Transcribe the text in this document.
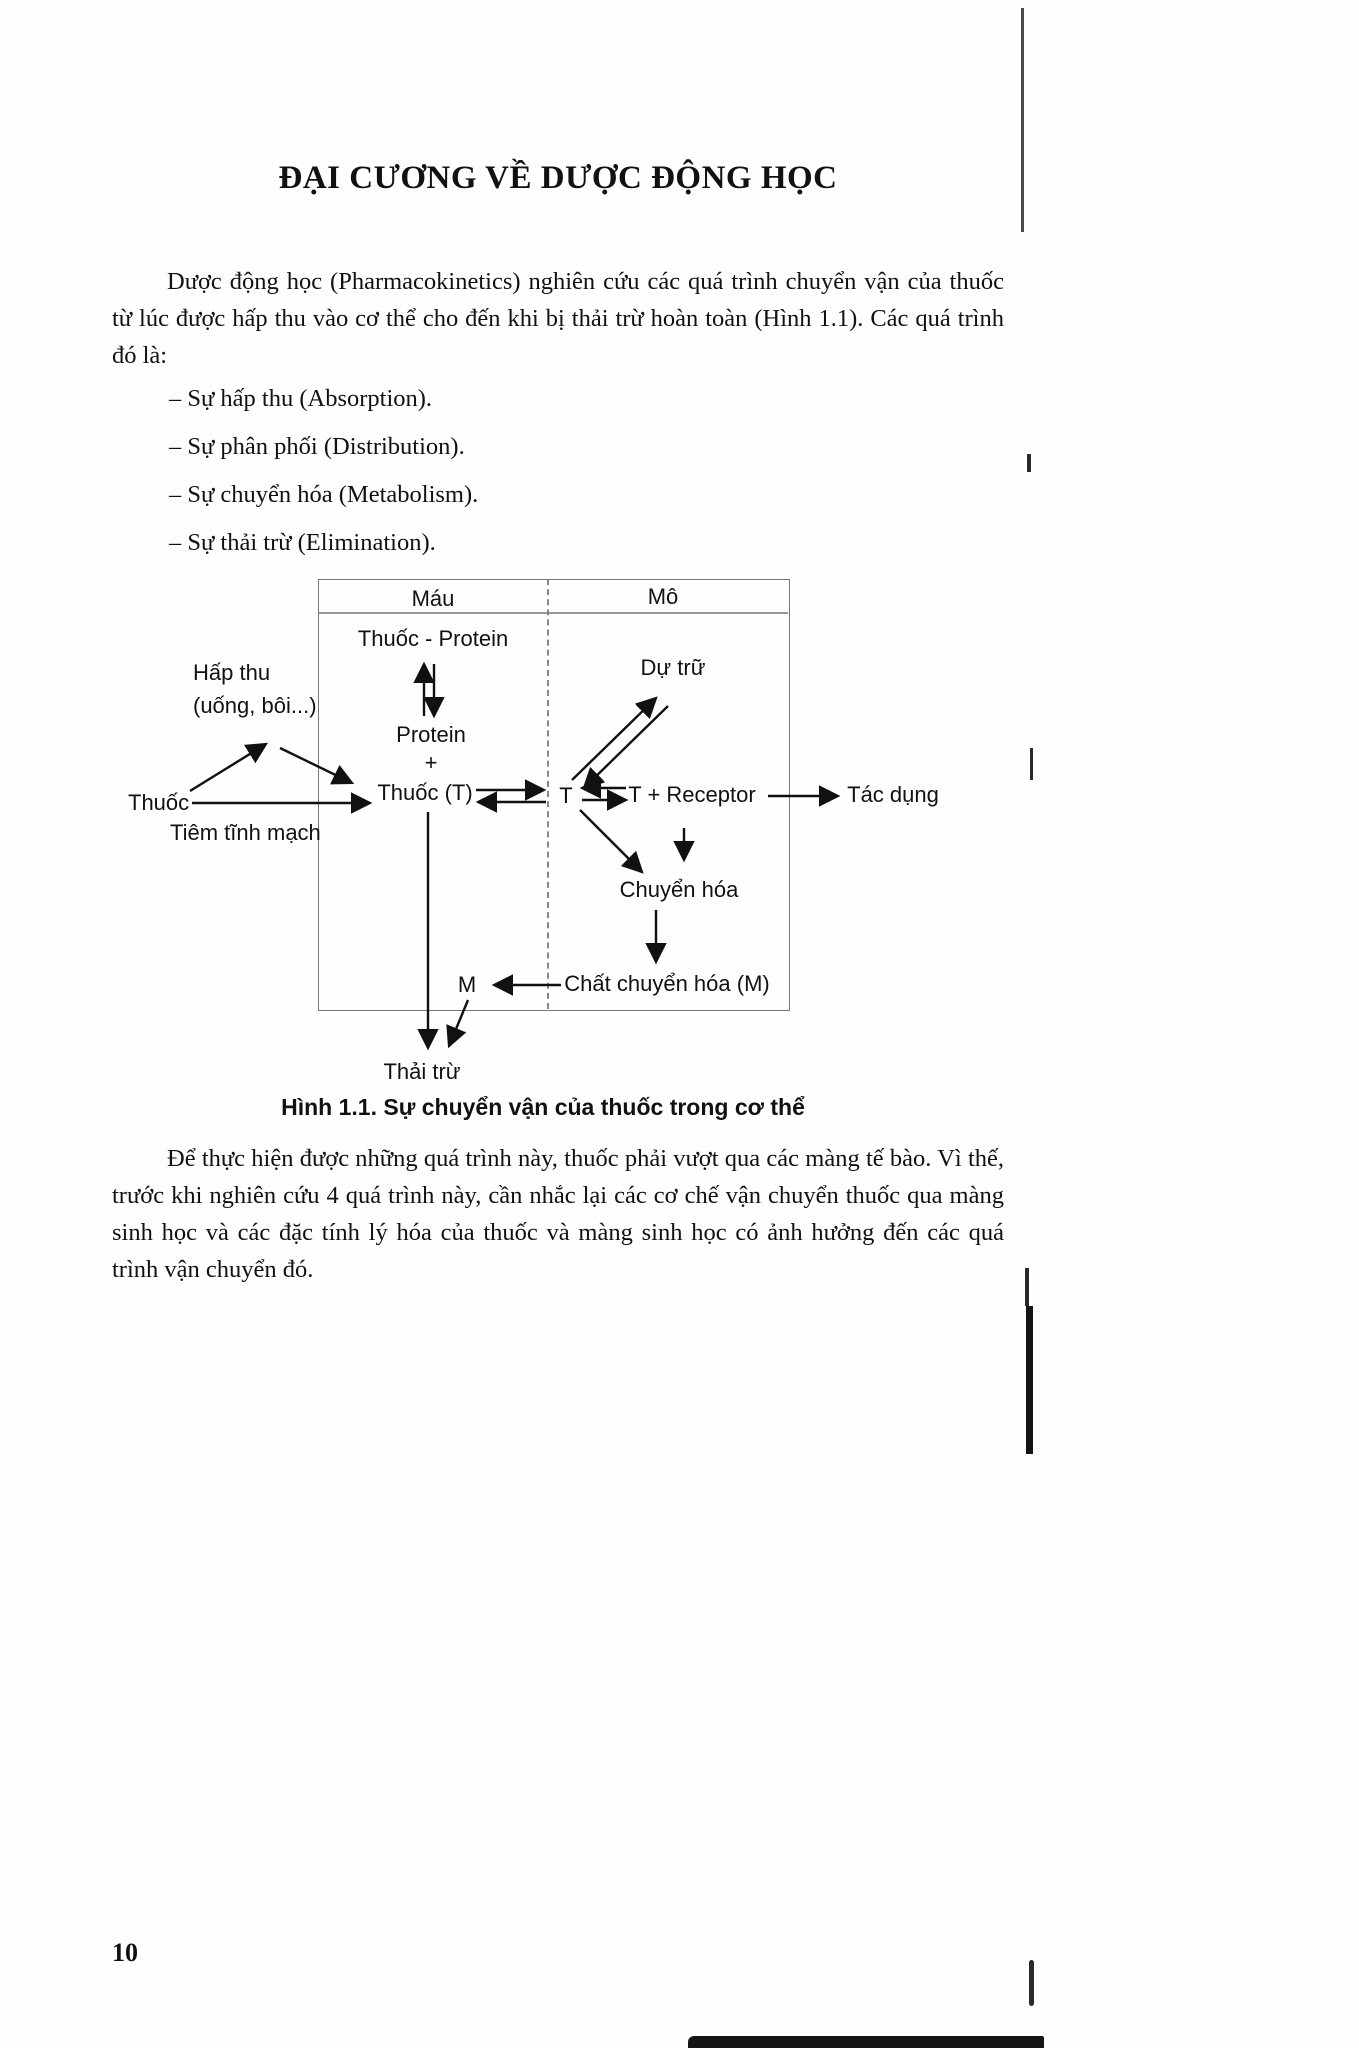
ĐẠI CƯƠNG VỀ DƯỢC ĐỘNG HỌC

Dược động học (Pharmacokinetics) nghiên cứu các quá trình chuyển vận của thuốc từ lúc được hấp thu vào cơ thể cho đến khi bị thải trừ hoàn toàn (Hình 1.1). Các quá trình đó là:

– Sự hấp thu (Absorption).
– Sự phân phối (Distribution).
– Sự chuyển hóa (Metabolism).
– Sự thải trừ (Elimination).
Máu	Mô
Thuốc - Protein
Protein
+
Thuốc (T)	T	T + Receptor	Tác dụng
Dự trữ
Chuyển hóa
Chất chuyển hóa (M)
M
Thải trừ
Hấp thu
(uống, bôi...)
Thuốc
Tiêm tĩnh mạch
Hình 1.1. Sự chuyển vận của thuốc trong cơ thể

Để thực hiện được những quá trình này, thuốc phải vượt qua các màng tế bào. Vì thế, trước khi nghiên cứu 4 quá trình này, cần nhắc lại các cơ chế vận chuyển thuốc qua màng sinh học và các đặc tính lý hóa của thuốc và màng sinh học có ảnh hưởng đến các quá trình vận chuyển đó.

10
